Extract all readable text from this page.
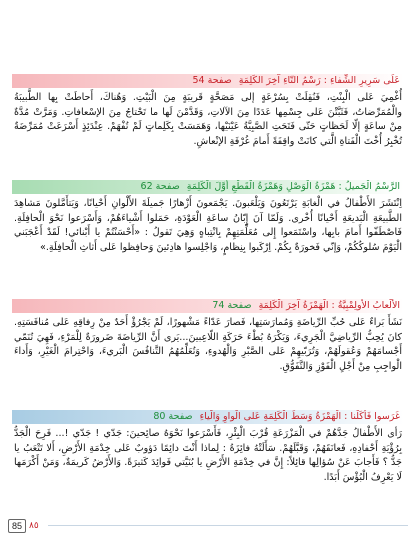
عَلَى سَرِيرِ الشِّفاءِ : رَسْمُ التّاءِ آخِرَ الكَلِمَةِ صفحة 54

أُغْمِيَ عَلى الْبِنْتِ، فَنُقِلَتْ بِسُرْعَةٍ إلى مَصَحَّةٍ قَريبَةٍ مِنَ الْبَيْتِ. وَهُناكَ، أَحاطَتْ بِها الطَّبيبَةُ والْمُمَرِّضاتُ، فَثَبَّتْنَ عَلى جِسْمِها عَدَدًا مِنَ الآلاتِ، وَقَدَّمْنَ لَها ما تَحْتاجُ مِنَ الإسْعافاتِ. وَمَرَّتْ مُدَّةٌ مِنْ ساعَةٍ إلّا لَحَظاتٍ حَتّى فَتَحَتِ الصَّبِيَّةُ عَيْنَيْها، وَهَمَسَتْ بِكَلِماتٍ لَمْ تُفْهَمْ. عِنْدَئِذٍ أَسْرَعَتْ مُمَرِّضَةٌ تُخْبِرُ أُخْتَ الْفَتاةِ الَّتي كانَتْ واقِفَةً أَمامَ غُرْفَةِ الإنْعاشِ.

الرَّسْمُ الْجَميلُ : هَمْزَةُ الْوَصْلِ وَهَمْزَةُ الْقَطْعِ أَوَّلَ الْكَلِمَةِ صفحة 62

اِنْتَشَرَ الأَطْفالُ في الْغابَةِ يَرْتَعُونَ وَيَلْعَبونَ. يَجْمَعونَ أَزْهارًا جَميلَةَ الأَلْوانِ أَحْيانًا، وَيَتأَمَّلونَ مَشاهِدَ الطَّبيعَةِ الْبَديعَةِ أَحْيانًا أُخْرى. وَلَمّا آنَ إِبّانُ ساعَةِ الْعَوْدَةِ، حَمَلوا أَشْياءَهُمْ، وَأَسْرَعوا نَحْوَ الْحافِلَةِ. فَاصْطَفّوا أَمامَ بابِها، واسْتَمَعوا إِلى مُعَلِّمَتِهِمْ بِانْتِباهٍ وَهِيَ تَقولُ : «أَحْسَنْتُمْ يا أَبْنائي! لَقَدْ أَعْجَبَني الْيَوْمَ سُلوكُكُمْ، وَإنّي فَخورَةٌ بِكُمْ. اِرْكَبوا بِنِظامٍ، وَاجْلِسوا هادِئينَ وَحافِظوا عَلى أَثاثِ الْحافِلَةِ.»

الأَلْعابُ الأولِمْبِيَّةُ : الْهَمْزَةُ آخِرَ الْكَلِمَةِ صفحة 74

نَشَأَ بَراءٌ عَلى حُبِّ الرِّياضَةِ وَمُمارَسَتِها، فَصارَ عَدّاءً مَشْهورًا، لَمْ يَجْرُؤْ أَحَدٌ مِنْ رِفاقِهِ عَلى مُنافَسَتِهِ. كانَ يُحِبُّ الرِّياضِيَّ الْجَرِيءَ، وَيَكْرَهُ بُطْءَ حَرَكَةِ اللّاعِبينَ...يَرى أَنَّ الرِّياضَةَ ضَرورَةٌ لِلْمَرْءِ، فَهِيَ تُنَمّي أَجْسامَهُمْ وَعُقولَهُمْ، وَتُرَبّيهِمْ عَلى الصَّبْرِ وَالْهُدوءِ، وَتُعَلِّمُهُمُ التَّنافُسَ الْبَريءَ، وَاحْتِرامَ الْغَيْرِ، وَأَداءَ الْواجِبِ مِنْ أَجْلِ الْفَوْزِ وَالتَّفَوُّقِ.

غَرَسوا فَأَكَلْنا : الْهَمْزَةُ وَسَطَ الْكَلِمَةِ عَلى الْواوِ وَالْياءِ صفحة 80

رَأى الأَطْفالُ جَدَّهُمْ في الْمَزْرَعَةِ قُرْبَ الْبِئْرِ، فَأَسْرَعوا نَحْوَهُ صائِحينَ: جَدّي ! جَدّي !... فَرِحَ الْجَدُّ بِرُؤْيَةِ أَحْفادِهِ، فَعانَقَهُمْ، وَقَبَّلَهُمْ. سَأَلَتْهُ فائِزَةُ : لِماذا أَنْتَ دائِمًا دَؤوبٌ عَلى خِدْمَةِ الأَرْضِ، أَلا تَتْعَبُ يا جَدُّ ؟ فَأَجابَ عَنْ سُؤالِها قائِلاً: إِنَّ في خِدْمَةِ الأَرْضِ يا بُنَيَّتي فَوائِدَ كَثيرَةً. وَالأَرْضُ كَريمَةٌ، وَمَنْ أَكْرَمَها لَا يَعْرِفُ الْبُؤْسَ أَبَدًا.

85 ٨٥
